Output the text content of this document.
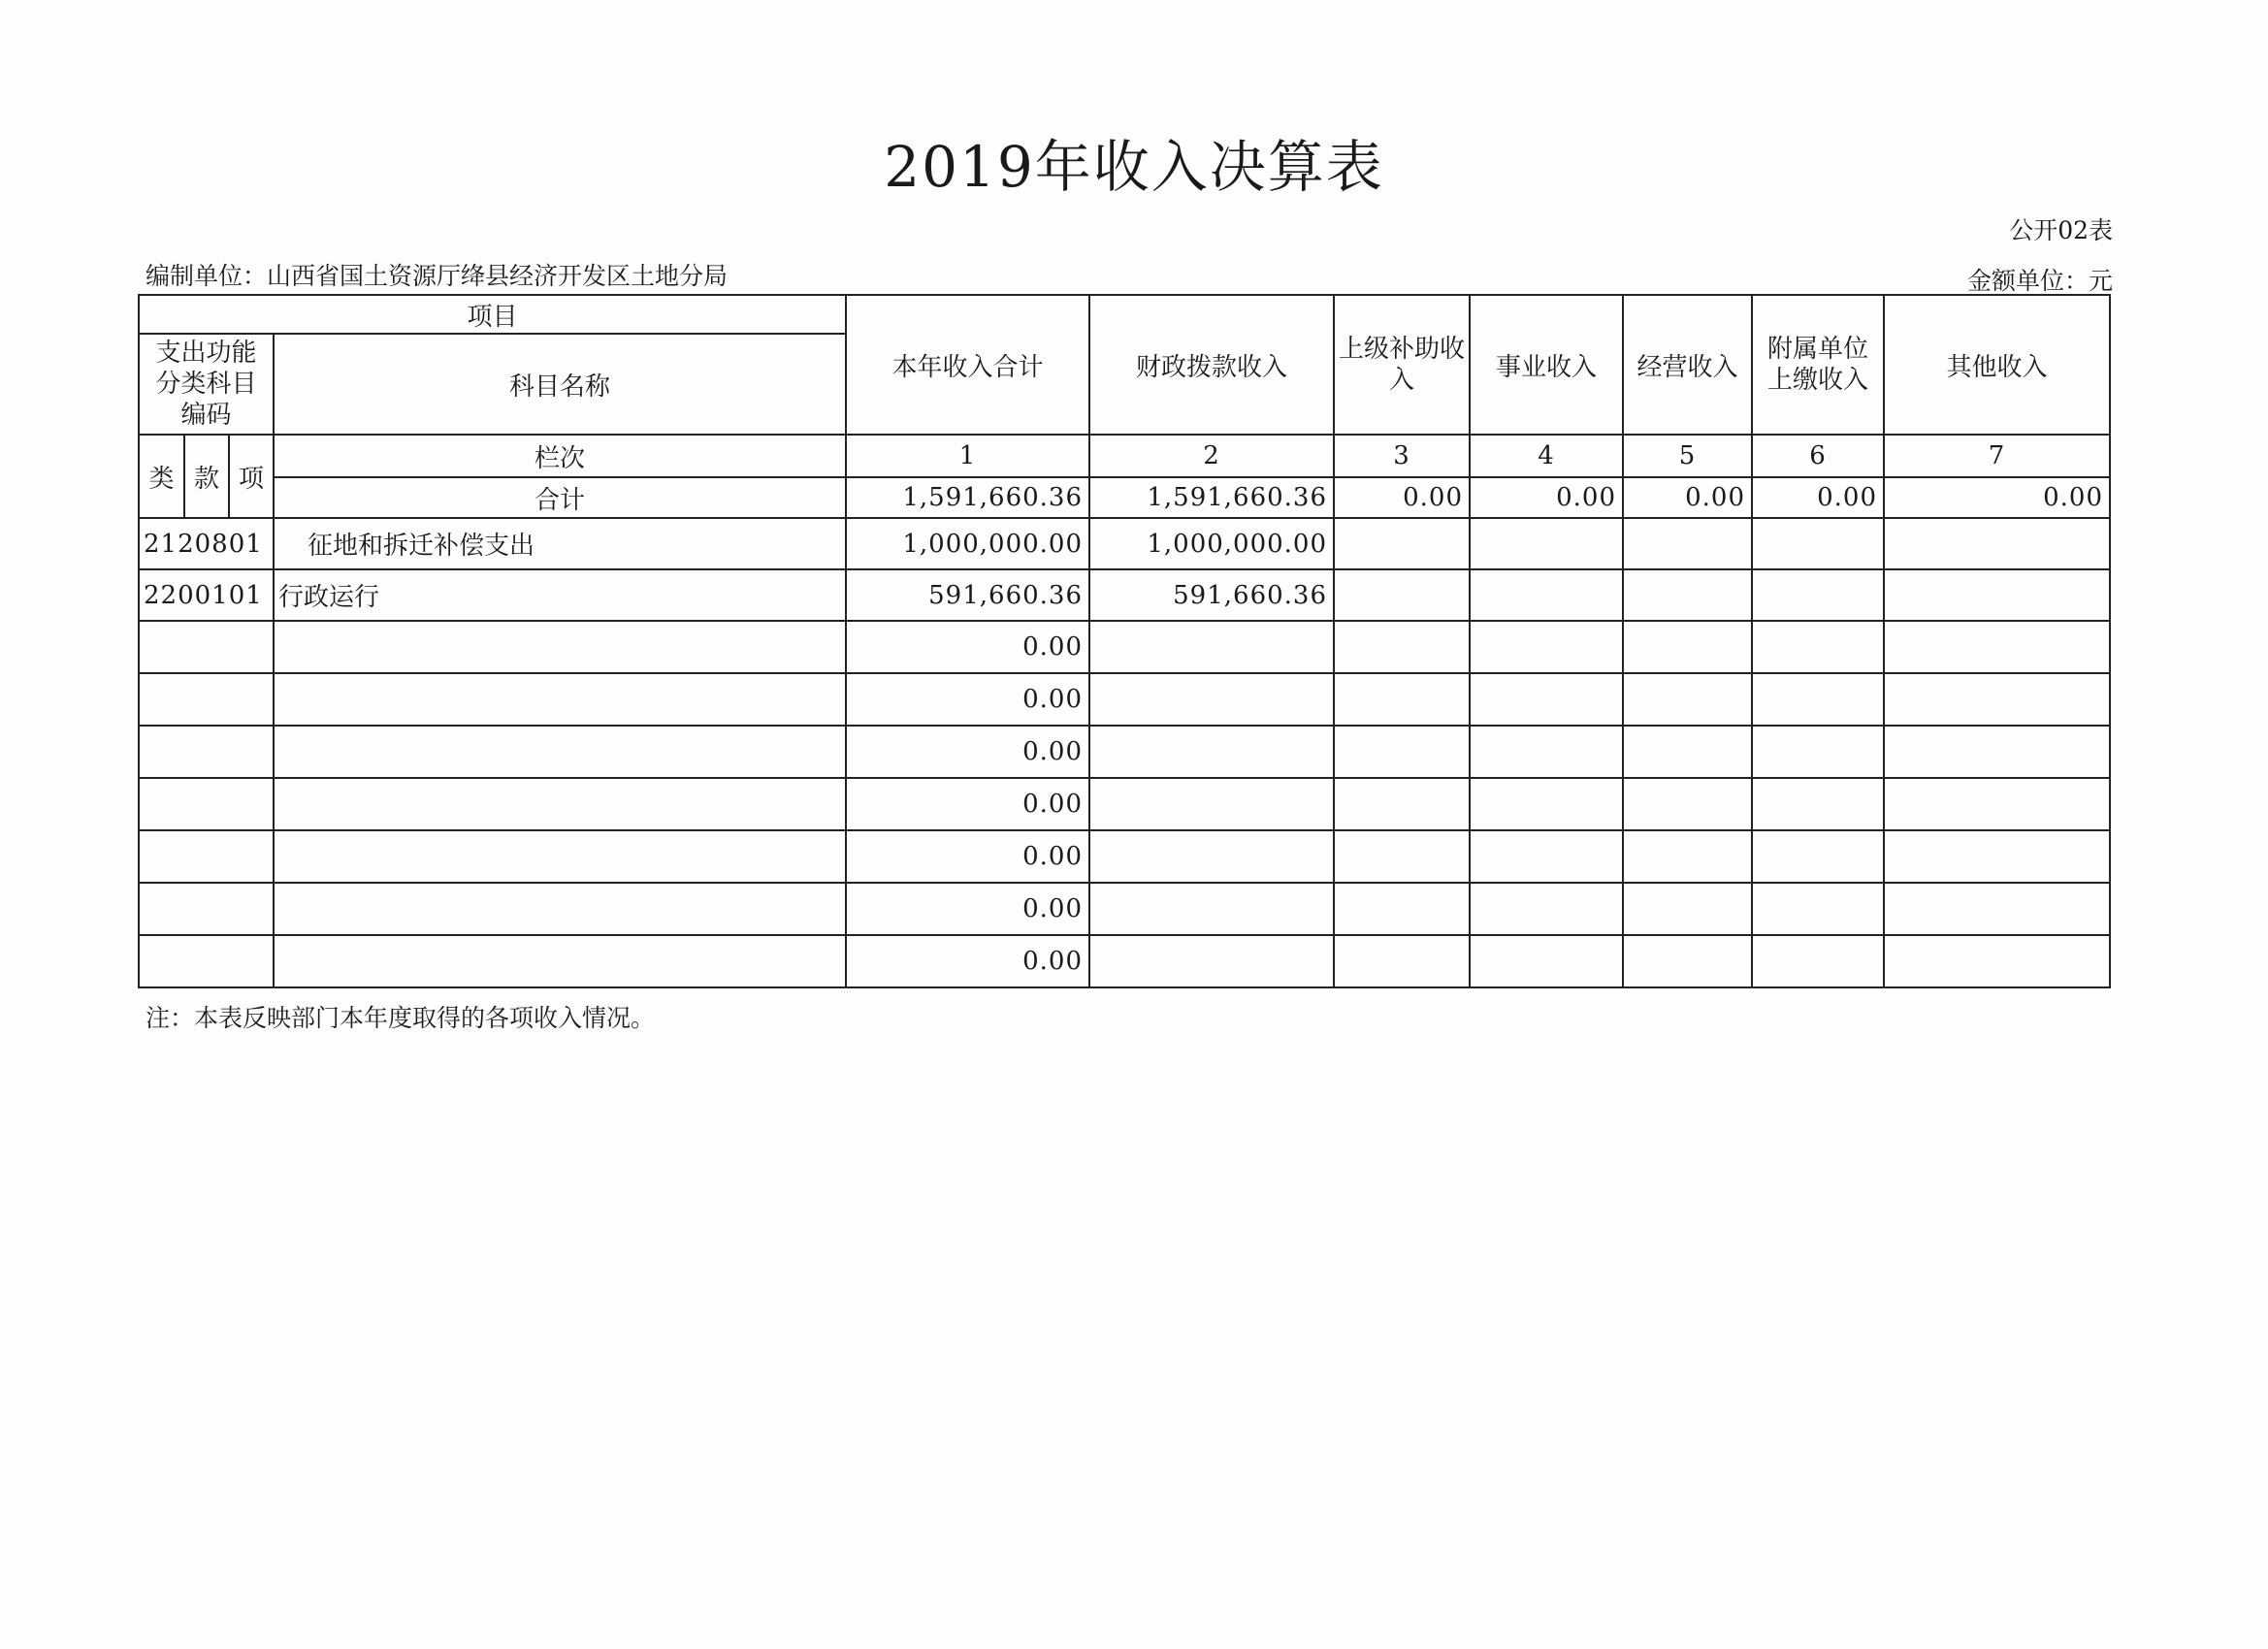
2019年收入决算表
公开02表
编制单位：山西省国土资源厅绛县经济开发区土地分局	金额单位：元
项目				本年收入合计	财政拨款收入	上级补助收入	事业收入	经营收入	附属单位上缴收入	其他收入
支出功能分类科目编码			科目名称							
类	款	项	栏次	1	2	3	4	5	6	7
			合计	1,591,660.36	1,591,660.36	0.00	0.00	0.00	0.00	0.00
2120801			征地和拆迁补偿支出	1,000,000.00	1,000,000.00					
2200101			行政运行	591,660.36	591,660.36					
				0.00						
				0.00						
				0.00						
				0.00						
				0.00						
				0.00						
				0.00						
注：本表反映部门本年度取得的各项收入情况。
